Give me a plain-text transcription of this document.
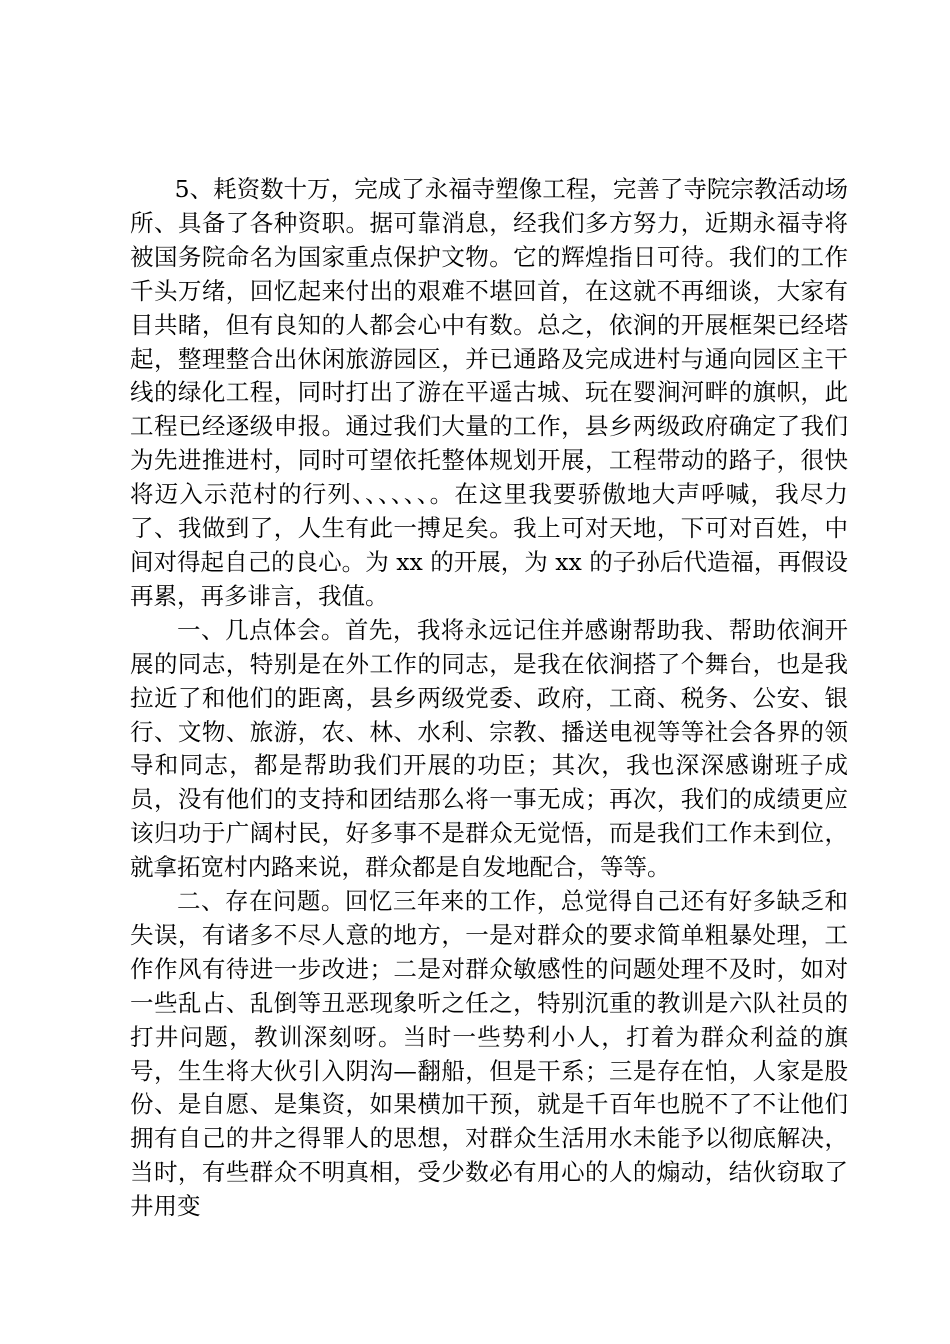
5、耗资数十万，完成了永福寺塑像工程，完善了寺院宗教活动场所、具备了各种资职。据可靠消息，经我们多方努力，近期永福寺将被国务院命名为国家重点保护文物。它的辉煌指日可待。我们的工作千头万绪，回忆起来付出的艰难不堪回首，在这就不再细谈，大家有目共睹，但有良知的人都会心中有数。总之，依涧的开展框架已经塔起，整理整合出休闲旅游园区，并已通路及完成进村与通向园区主干线的绿化工程，同时打出了游在平遥古城、玩在婴涧河畔的旗帜，此工程已经逐级申报。通过我们大量的工作，县乡两级政府确定了我们为先进推进村，同时可望依托整体规划开展，工程带动的路子，很快将迈入示范村的行列、、、、、、。在这里我要骄傲地大声呼喊，我尽力了、我做到了，人生有此一搏足矣。我上可对天地，下可对百姓，中间对得起自己的良心。为 xx 的开展，为 xx 的子孙后代造福，再假设再累，再多诽言，我值。

一、几点体会。首先，我将永远记住并感谢帮助我、帮助依涧开展的同志，特别是在外工作的同志，是我在依涧搭了个舞台，也是我拉近了和他们的距离，县乡两级党委、政府，工商、税务、公安、银行、文物、旅游，农、林、水利、宗教、播送电视等等社会各界的领导和同志，都是帮助我们开展的功臣；其次，我也深深感谢班子成员，没有他们的支持和团结那么将一事无成；再次，我们的成绩更应该归功于广阔村民，好多事不是群众无觉悟，而是我们工作未到位，就拿拓宽村内路来说，群众都是自发地配合，等等。

二、存在问题。回忆三年来的工作，总觉得自己还有好多缺乏和失误，有诸多不尽人意的地方，一是对群众的要求简单粗暴处理，工作作风有待进一步改进；二是对群众敏感性的问题处理不及时，如对一些乱占、乱倒等丑恶现象听之任之，特别沉重的教训是六队社员的打井问题，教训深刻呀。当时一些势利小人，打着为群众利益的旗号，生生将大伙引入阴沟—翻船，但是干系；三是存在怕，人家是股份、是自愿、是集资，如果横加干预，就是千百年也脱不了不让他们拥有自己的井之得罪人的思想，对群众生活用水未能予以彻底解决，当时，有些群众不明真相，受少数必有用心的人的煽动，结伙窃取了井用变
